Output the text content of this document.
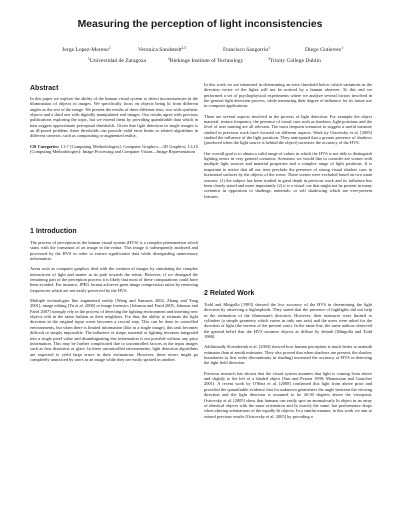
Measuring the perception of light inconsistencies
Jorge Lopez-Moreno$^1$	Veronica Sundstedt$^{2,3}$	Francisco Sangorrin$^1$	Diego Gutierrez$^1$
$^1$Universidad de Zaragoza	$^2$Blekinge Institute of Technology	$^3$Trinity College Dublin
Abstract

In this paper we explore the ability of the human visual system to detect inconsistencies in the illumination of objects in images. We specifically focus on objects being lit from different angles as the rest of the image. We present the results of three different tests, two with synthetic objects and a third one with digitally manipulated real images. Our results agree with previous publications exploring the topic, but we extend them by providing quantifiable data which in turn suggest approximate perceptual thresholds. Given that light detection in single images is an ill-posed problem, these thresholds can provide valid error limits to related algorithms in different contexts, such as compositing or augmented reality.

CR Categories: I.3.7 [Computing Methodologies]: Computer Graphics—3D Graphics; I.4.10 [Computing Methodologies]: Image Processing and Computer Vision—Image Representation

1 Introduction

The process of perception in the human visual system (HVS) is a complex phenomenon which starts with the formation of an image in the retina. This image is subsequently analyzed and processed by the HVS in order to extract significative data while disregarding unnecessary information.

Areas such as computer graphics deal with the creation of images by simulating the complex interactions of light and matter in its path towards the retina. However, if we disregard the remaining part of the perception process it is likely that most of these computations could have been avoided. For instance, JPEG format achieves great image compression ratios by removing frequencies which are not easily perceived by the HVS.

Multiple technologies like augmented reality [Wang and Samaras 2002; Zhang and Yang 2001], image editing [Yu et al. 2006] or image forensics [Johnson and Farid 2005; Johnson and Farid 2007] strongly rely in the process of detecting the lighting environment and inserting new objects relit in the same fashion as their neighbors. For that, the ability to estimate the light direction in the original input scene becomes a crucial step. This can be done in controlled environments, but when there is limited information (like in a single image), this task becomes difficult or simply impossible. The influence of shape, material or lighting becomes integrated into a single pixel value and disambiguating this information is not possible without any prior information. This may be further complicated due to uncontrolled factors in the input images such as lens distortion or glare. In these uncontrolled environments, light detection algorithms are expected to yield large errors in their estimations. However, these errors might go completely unnoticed by users in an image while they are easily spotted in another.

In this work we are interested in determining an error threshold below which variations in the direction vector of the lights will not be noticed by a human observer. To this end we performed a set of psychophysical experiments where we analyze several factors involved in the general light detection process, while measuring their degree of influence for its future use in computer applications.

There are several aspects involved in the process of light detection. For example the object material, texture frequency, the presence of visual cues such as shadows, light positions and the level of user training are all relevant. The most frequent scenarios to suggest a useful measure studied in previous work have focused on different aspects. Work by Ostrovsky et al. [2005] studied the influence of the light positions. They anticipated that a greater presence of shadows (produced when the light source is behind the object) increases the accuracy of the HVS.

Our overall goal is to obtain a valid range of values in which the HVS is not able to distinguish lighting errors in very general scenarios. Scenarios we would like to consider are scenes with multiple light sources and material properties and a complex range of light positions. It is important to notice that all our tests preclude the presence of strong visual shadow cues in horizontal surfaces by the objects of the scene. These scenes were excluded based on two main reasons: (1) the subject has been studied in great depth in previous work and its influence has been clearly stated and more importantly (2) it is a visual cue that might not be present in many scenarios in opposition to shadings, materials, or self shadowing which are ever-present features.

2 Related Work

Todd and Mingolla [1983] showed the low accuracy of the HVS in determining the light direction by observing a hightopheds. They stated that the presence of highlights did not help in the estimation of the illuminant's direction. However, their measures were limited to cylinders (a simple geometry which varies in only one axis) and the users were asked for the direction of light (the inverse of the present case). In the same line, the same authors observed the general belief that the HVS assumes objects as diffuse by default [Mingolla and Todd 1986].

Additionally Koenderink et al. [2004] showed how human perception is much better at azimuth estimates than at zenith estimates. They also proved that when shadows are present, the shadow boundaries (a first order discontinuity in shading) increased the accuracy of HVS in detecting the light field direction.

Previous research has shown that the visual system assumes that light is coming from above and slightly to the left of a shaded object [Sun and Perona 1998; Mamassian and Goutcher 2001]. A recent work by O'Shea et al. [2008] confirmed this light from above prior and provided the quantifiable evidence that for unknown geometries the angle between the viewing direction and the light direction is assumed to be 20-30 degrees above the viewpoint. Ostrovsky et al. [2005] show that humans can easily spot an anomalously lit object in an array of identical objects with the same orientation and lit exactly the same, but performance drops when altering orientations of the equally-lit objects. In a similar manner, in this work we aim to extend previous results [Ostrovsky et al. 2005] by providing a
